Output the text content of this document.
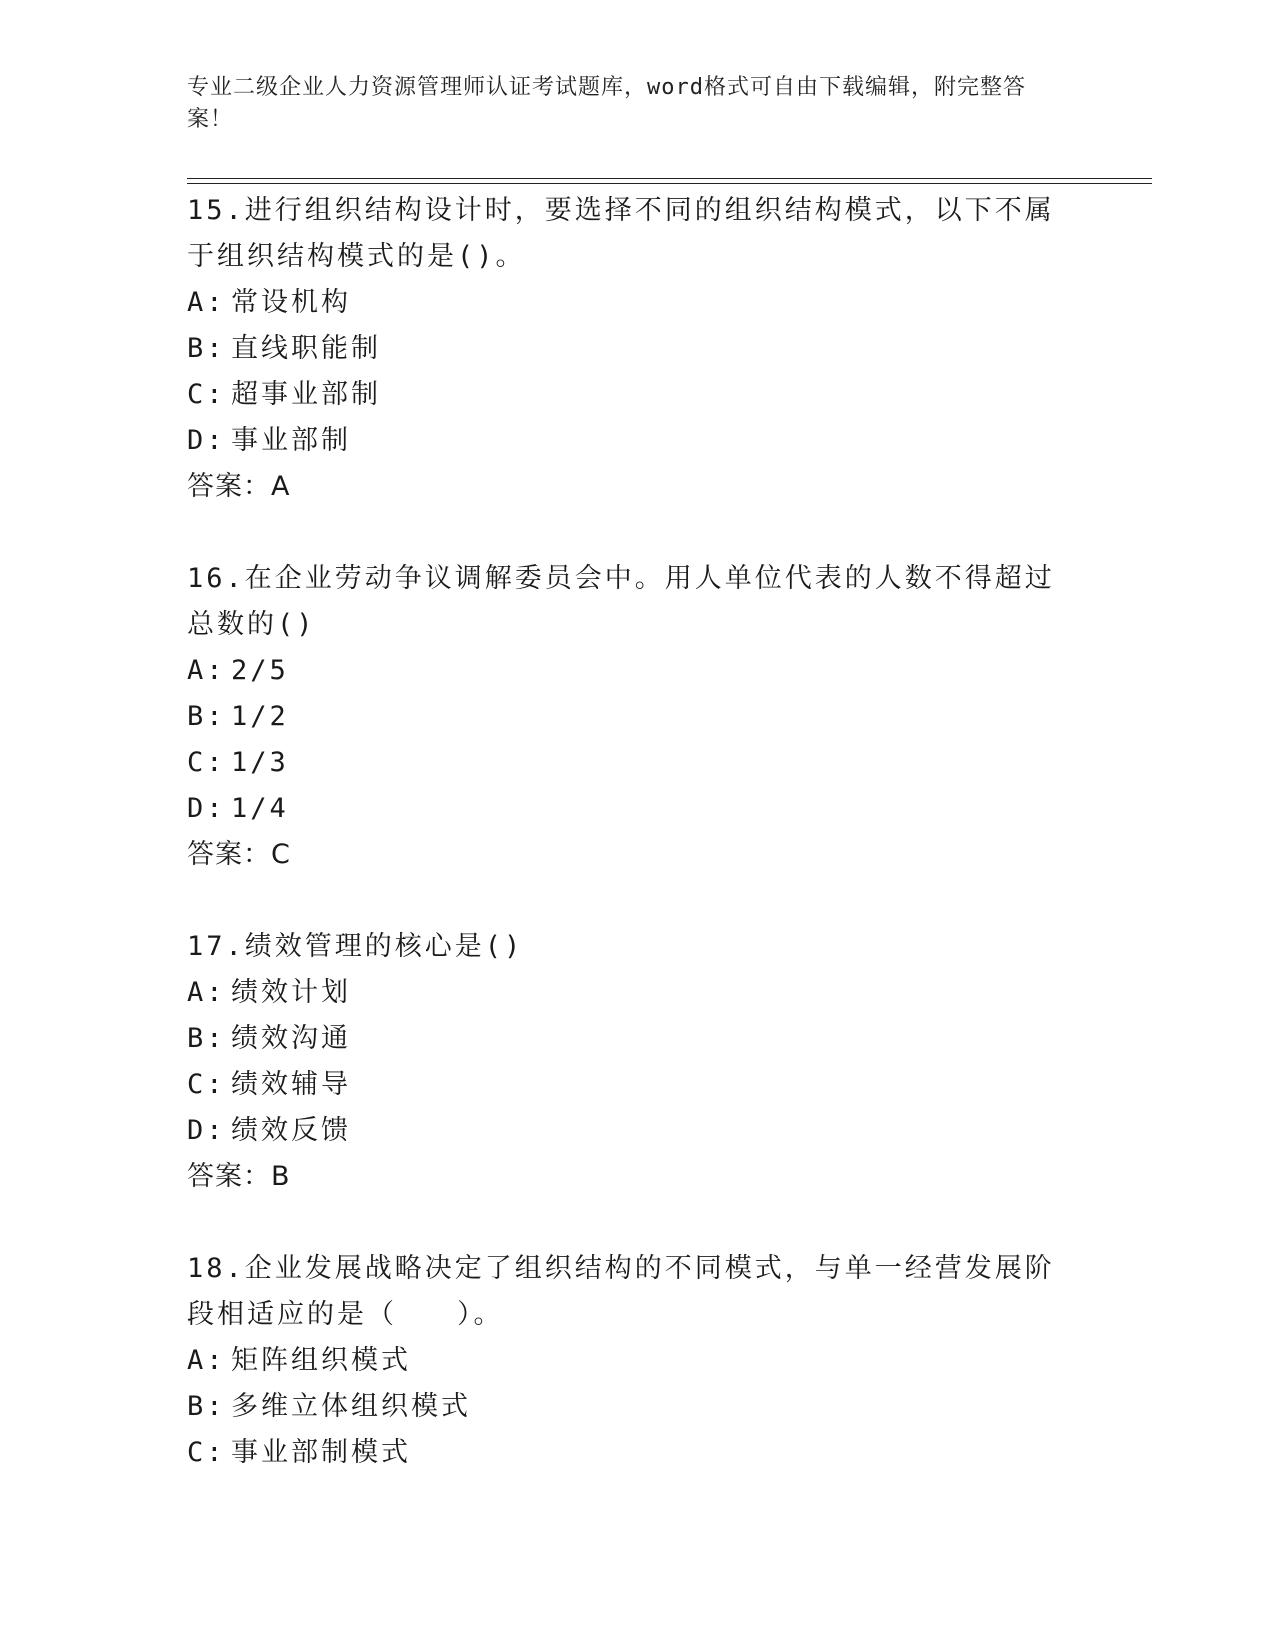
专业二级企业人力资源管理师认证考试题库，word格式可自由下载编辑，附完整答案！

15.进行组织结构设计时，要选择不同的组织结构模式，以下不属于组织结构模式的是()。

A: 常设机构

B: 直线职能制

C: 超事业部制

D: 事业部制

答案：A

16.在企业劳动争议调解委员会中。用人单位代表的人数不得超过总数的()

A: 2/5

B: 1/2

C: 1/3

D: 1/4

答案：C

17.绩效管理的核心是()

A: 绩效计划

B: 绩效沟通

C: 绩效辅导

D: 绩效反馈

答案：B

18.企业发展战略决定了组织结构的不同模式，与单一经营发展阶段相适应的是（　　）。

A: 矩阵组织模式

B: 多维立体组织模式

C: 事业部制模式
